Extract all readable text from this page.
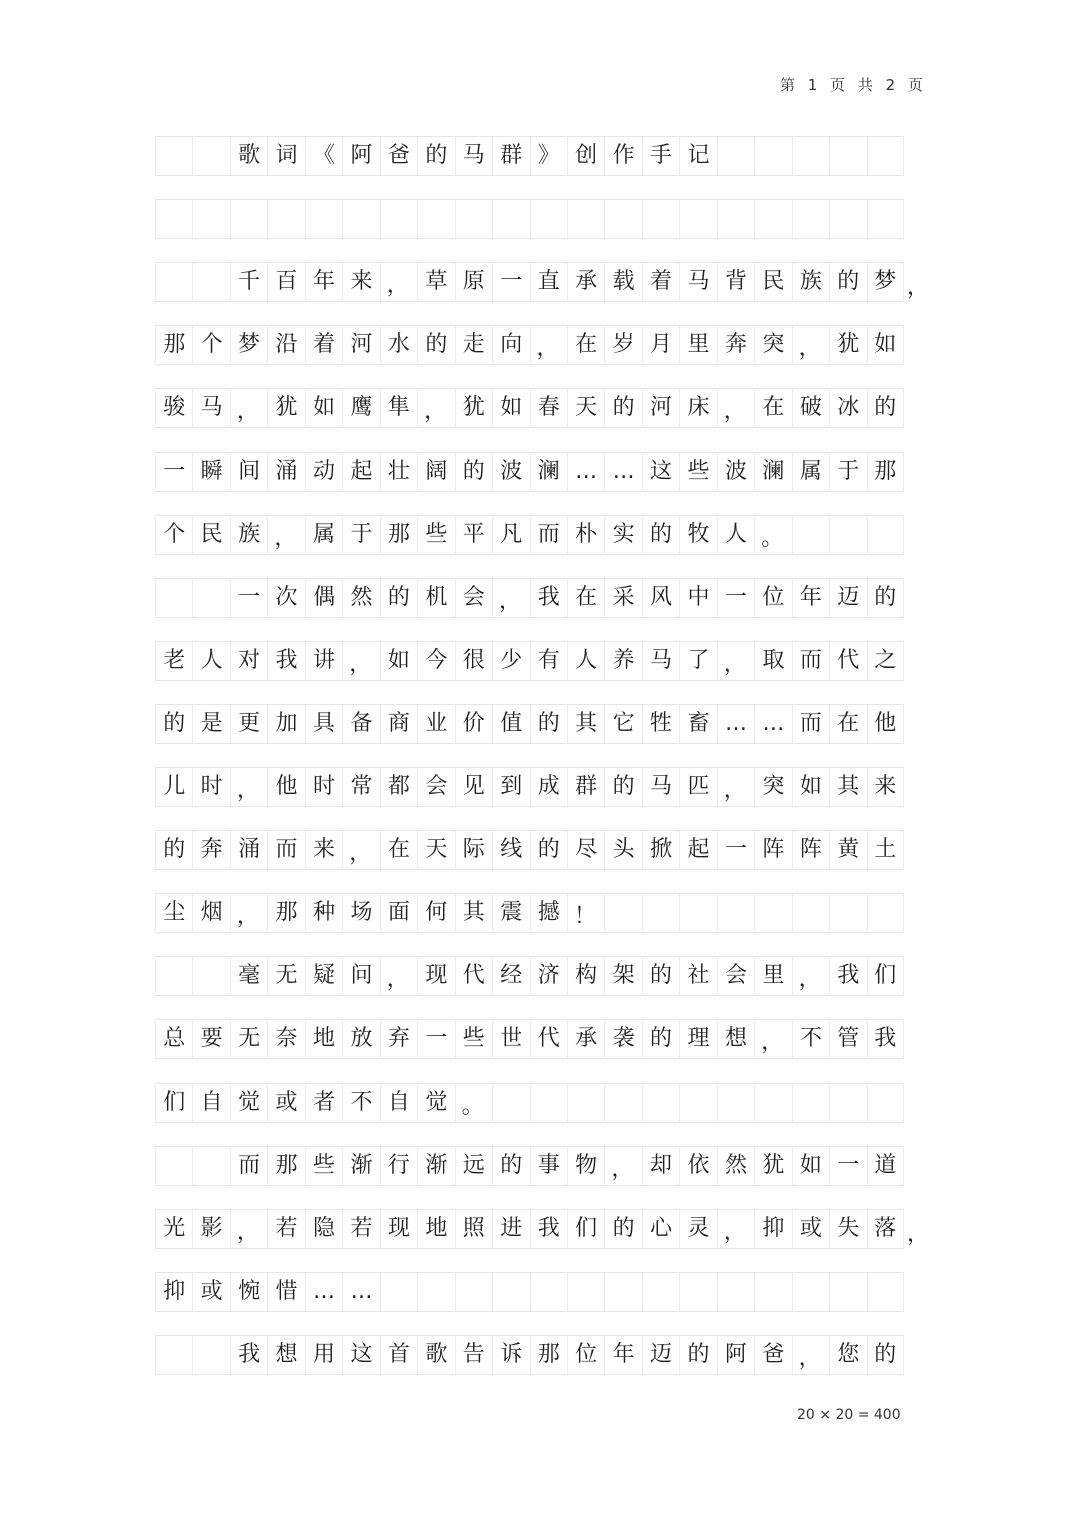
第 1 页 共 2 页
歌 词 《 阿 爸 的 马 群 》 创 作 手 记
千 百 年 来 ， 草 原 一 直 承 载 着 马 背 民 族 的 梦 ，
那 个 梦 沿 着 河 水 的 走 向 ， 在 岁 月 里 奔 突 ， 犹 如
骏 马 ， 犹 如 鹰 隼 ， 犹 如 春 天 的 河 床 ， 在 破 冰 的
一 瞬 间 涌 动 起 壮 阔 的 波 澜 … … 这 些 波 澜 属 于 那
个 民 族 ， 属 于 那 些 平 凡 而 朴 实 的 牧 人 。
一 次 偶 然 的 机 会 ， 我 在 采 风 中 一 位 年 迈 的
老 人 对 我 讲 ， 如 今 很 少 有 人 养 马 了 ， 取 而 代 之
的 是 更 加 具 备 商 业 价 值 的 其 它 牲 畜 … … 而 在 他
儿 时 ， 他 时 常 都 会 见 到 成 群 的 马 匹 ， 突 如 其 来
的 奔 涌 而 来 ， 在 天 际 线 的 尽 头 掀 起 一 阵 阵 黄 土
尘 烟 ， 那 种 场 面 何 其 震 撼 ！
毫 无 疑 问 ， 现 代 经 济 构 架 的 社 会 里 ， 我 们
总 要 无 奈 地 放 弃 一 些 世 代 承 袭 的 理 想 ， 不 管 我
们 自 觉 或 者 不 自 觉 。
而 那 些 渐 行 渐 远 的 事 物 ， 却 依 然 犹 如 一 道
光 影 ， 若 隐 若 现 地 照 进 我 们 的 心 灵 ， 抑 或 失 落 ，
抑 或 惋 惜 … …
我 想 用 这 首 歌 告 诉 那 位 年 迈 的 阿 爸 ， 您 的
20 × 20 = 400
